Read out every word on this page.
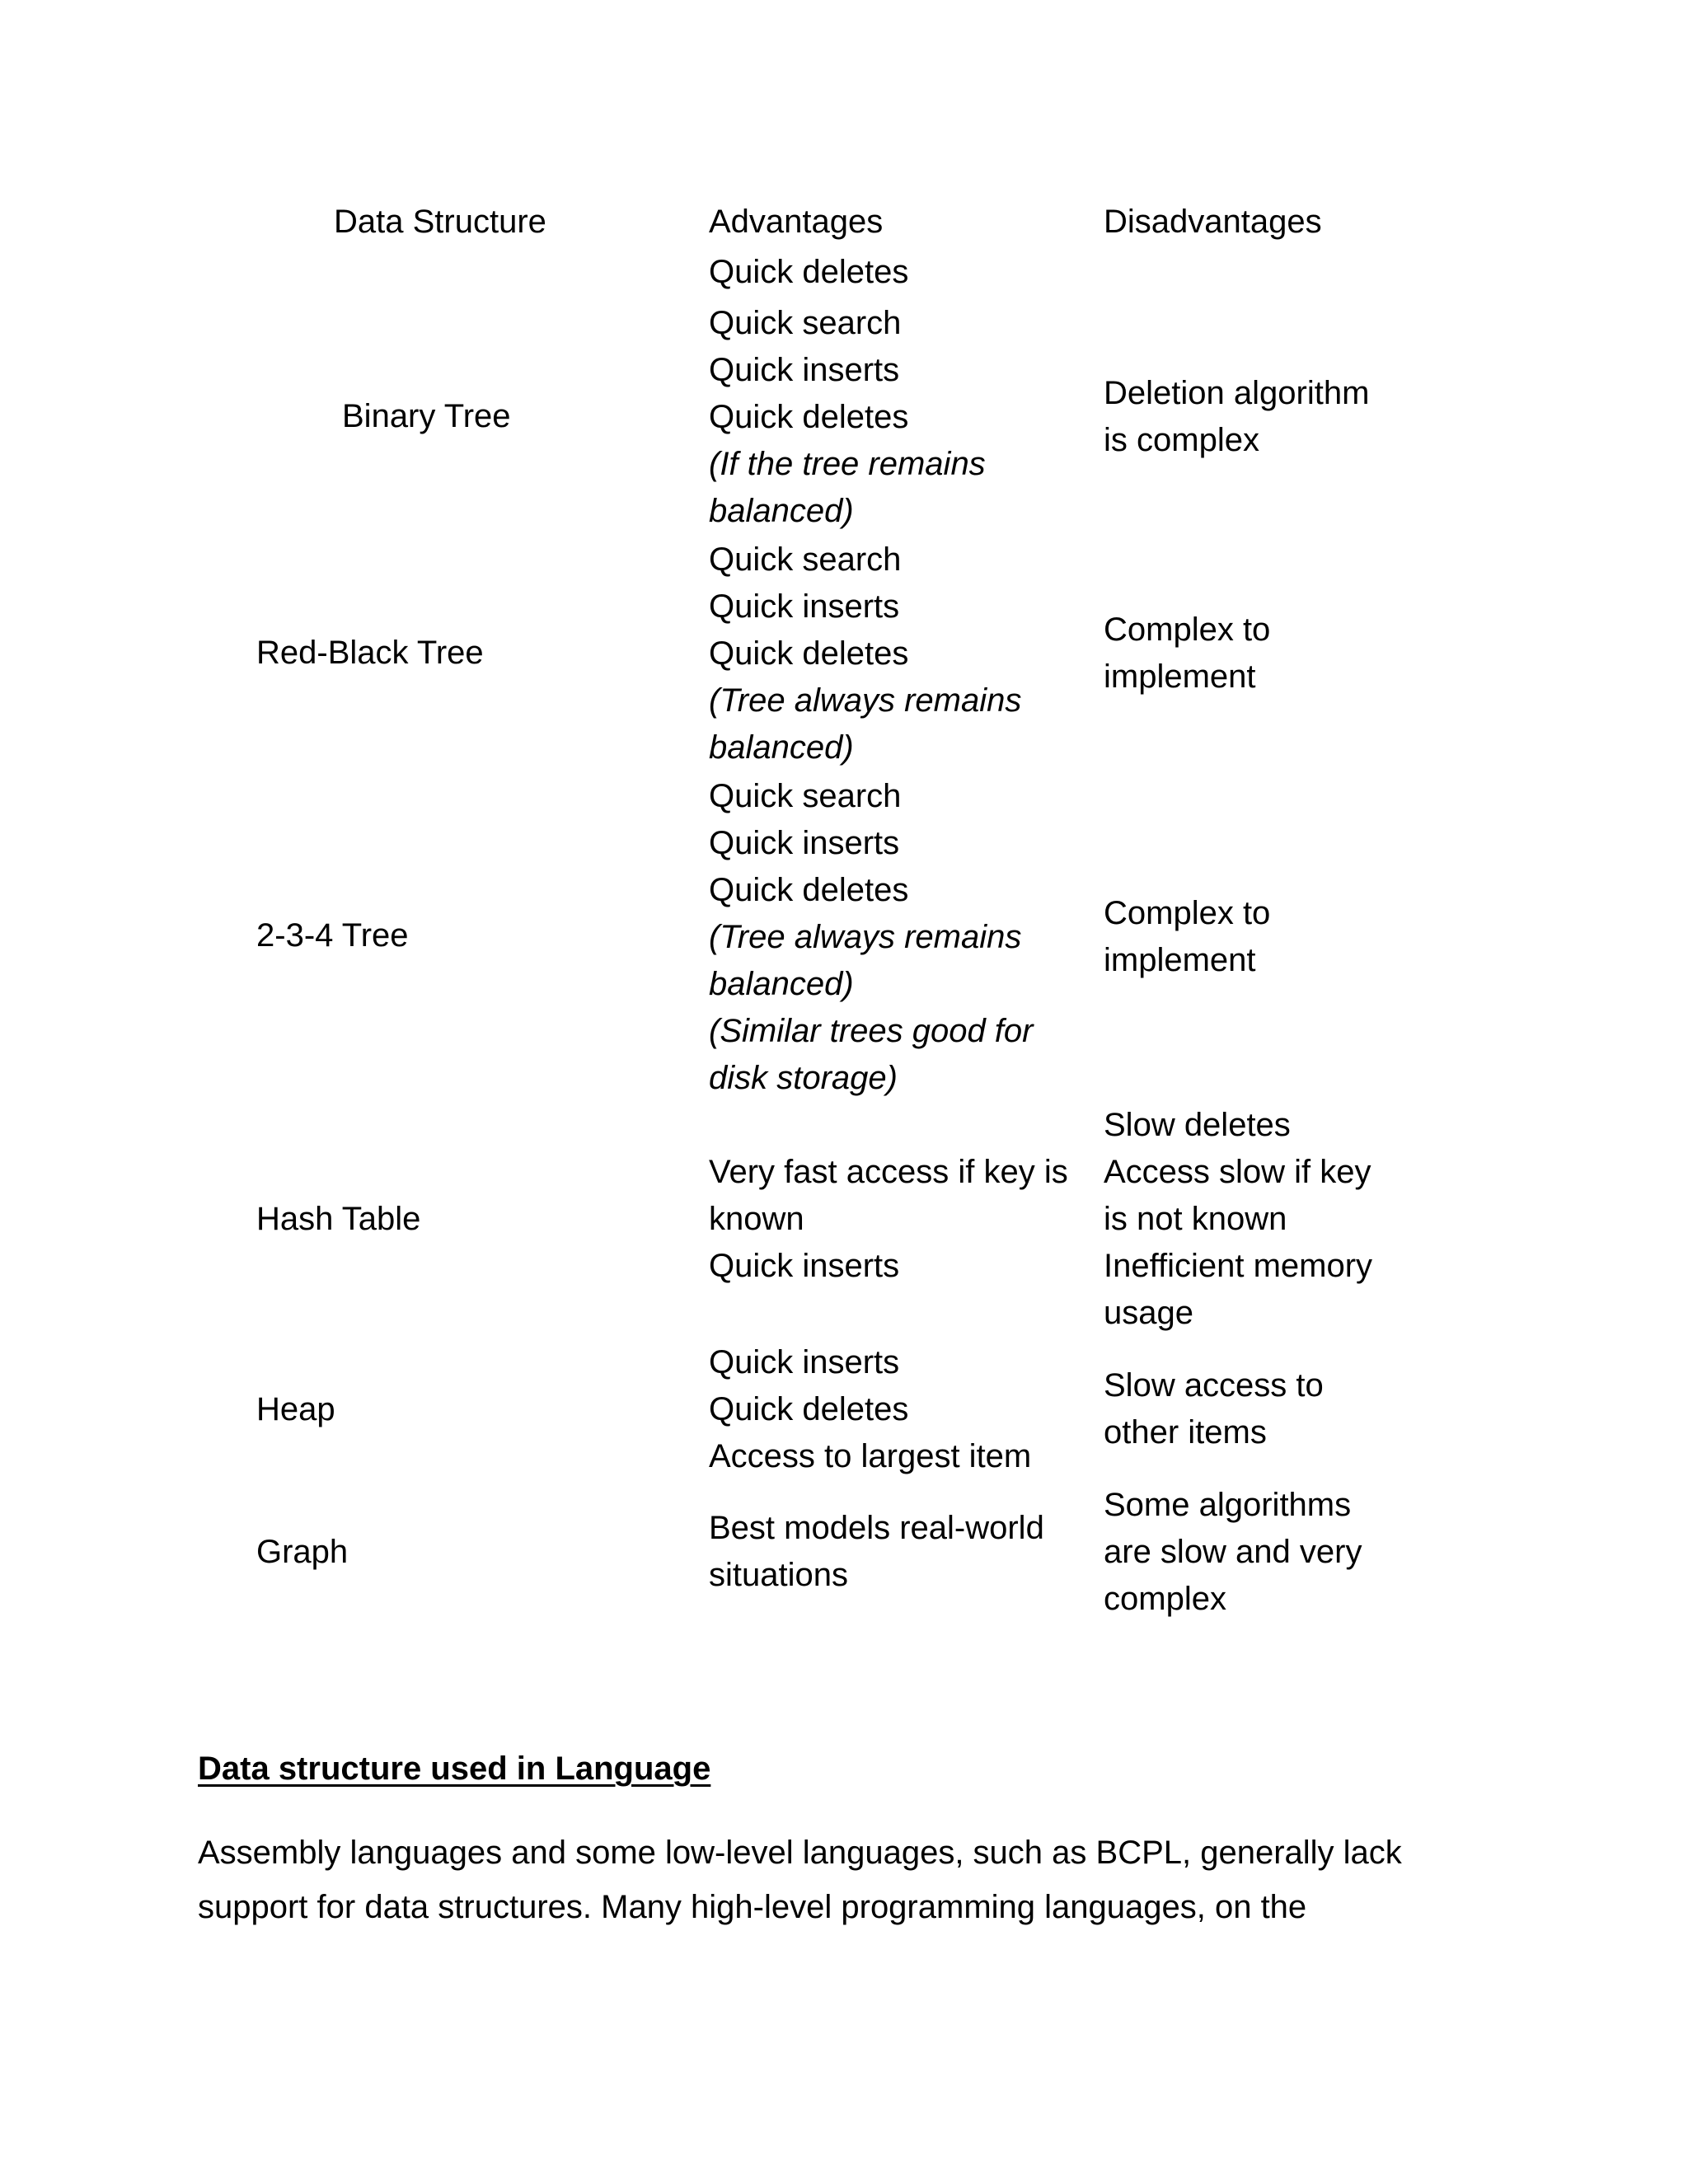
Data Structure	Advantages	Disadvantages
Quick deletes
Binary Tree
Quick search
Quick inserts
Quick deletes
(If the tree remains
balanced)
Deletion algorithm
is complex
Red-Black Tree
Quick search
Quick inserts
Quick deletes
(Tree always remains
balanced)
Complex to
implement
2-3-4 Tree
Quick search
Quick inserts
Quick deletes
(Tree always remains
balanced)
(Similar trees good for
disk storage)
Complex to
implement
Hash Table
Very fast access if key is
known
Quick inserts
Slow deletes
Access slow if key
is not known
Inefficient memory
usage
Heap
Quick inserts
Quick deletes
Access to largest item
Slow access to
other items
Graph
Best models real-world
situations
Some algorithms
are slow and very
complex
Data structure used in Language
Assembly languages and some low-level languages, such as BCPL, generally lack support for data structures. Many high-level programming languages, on the
